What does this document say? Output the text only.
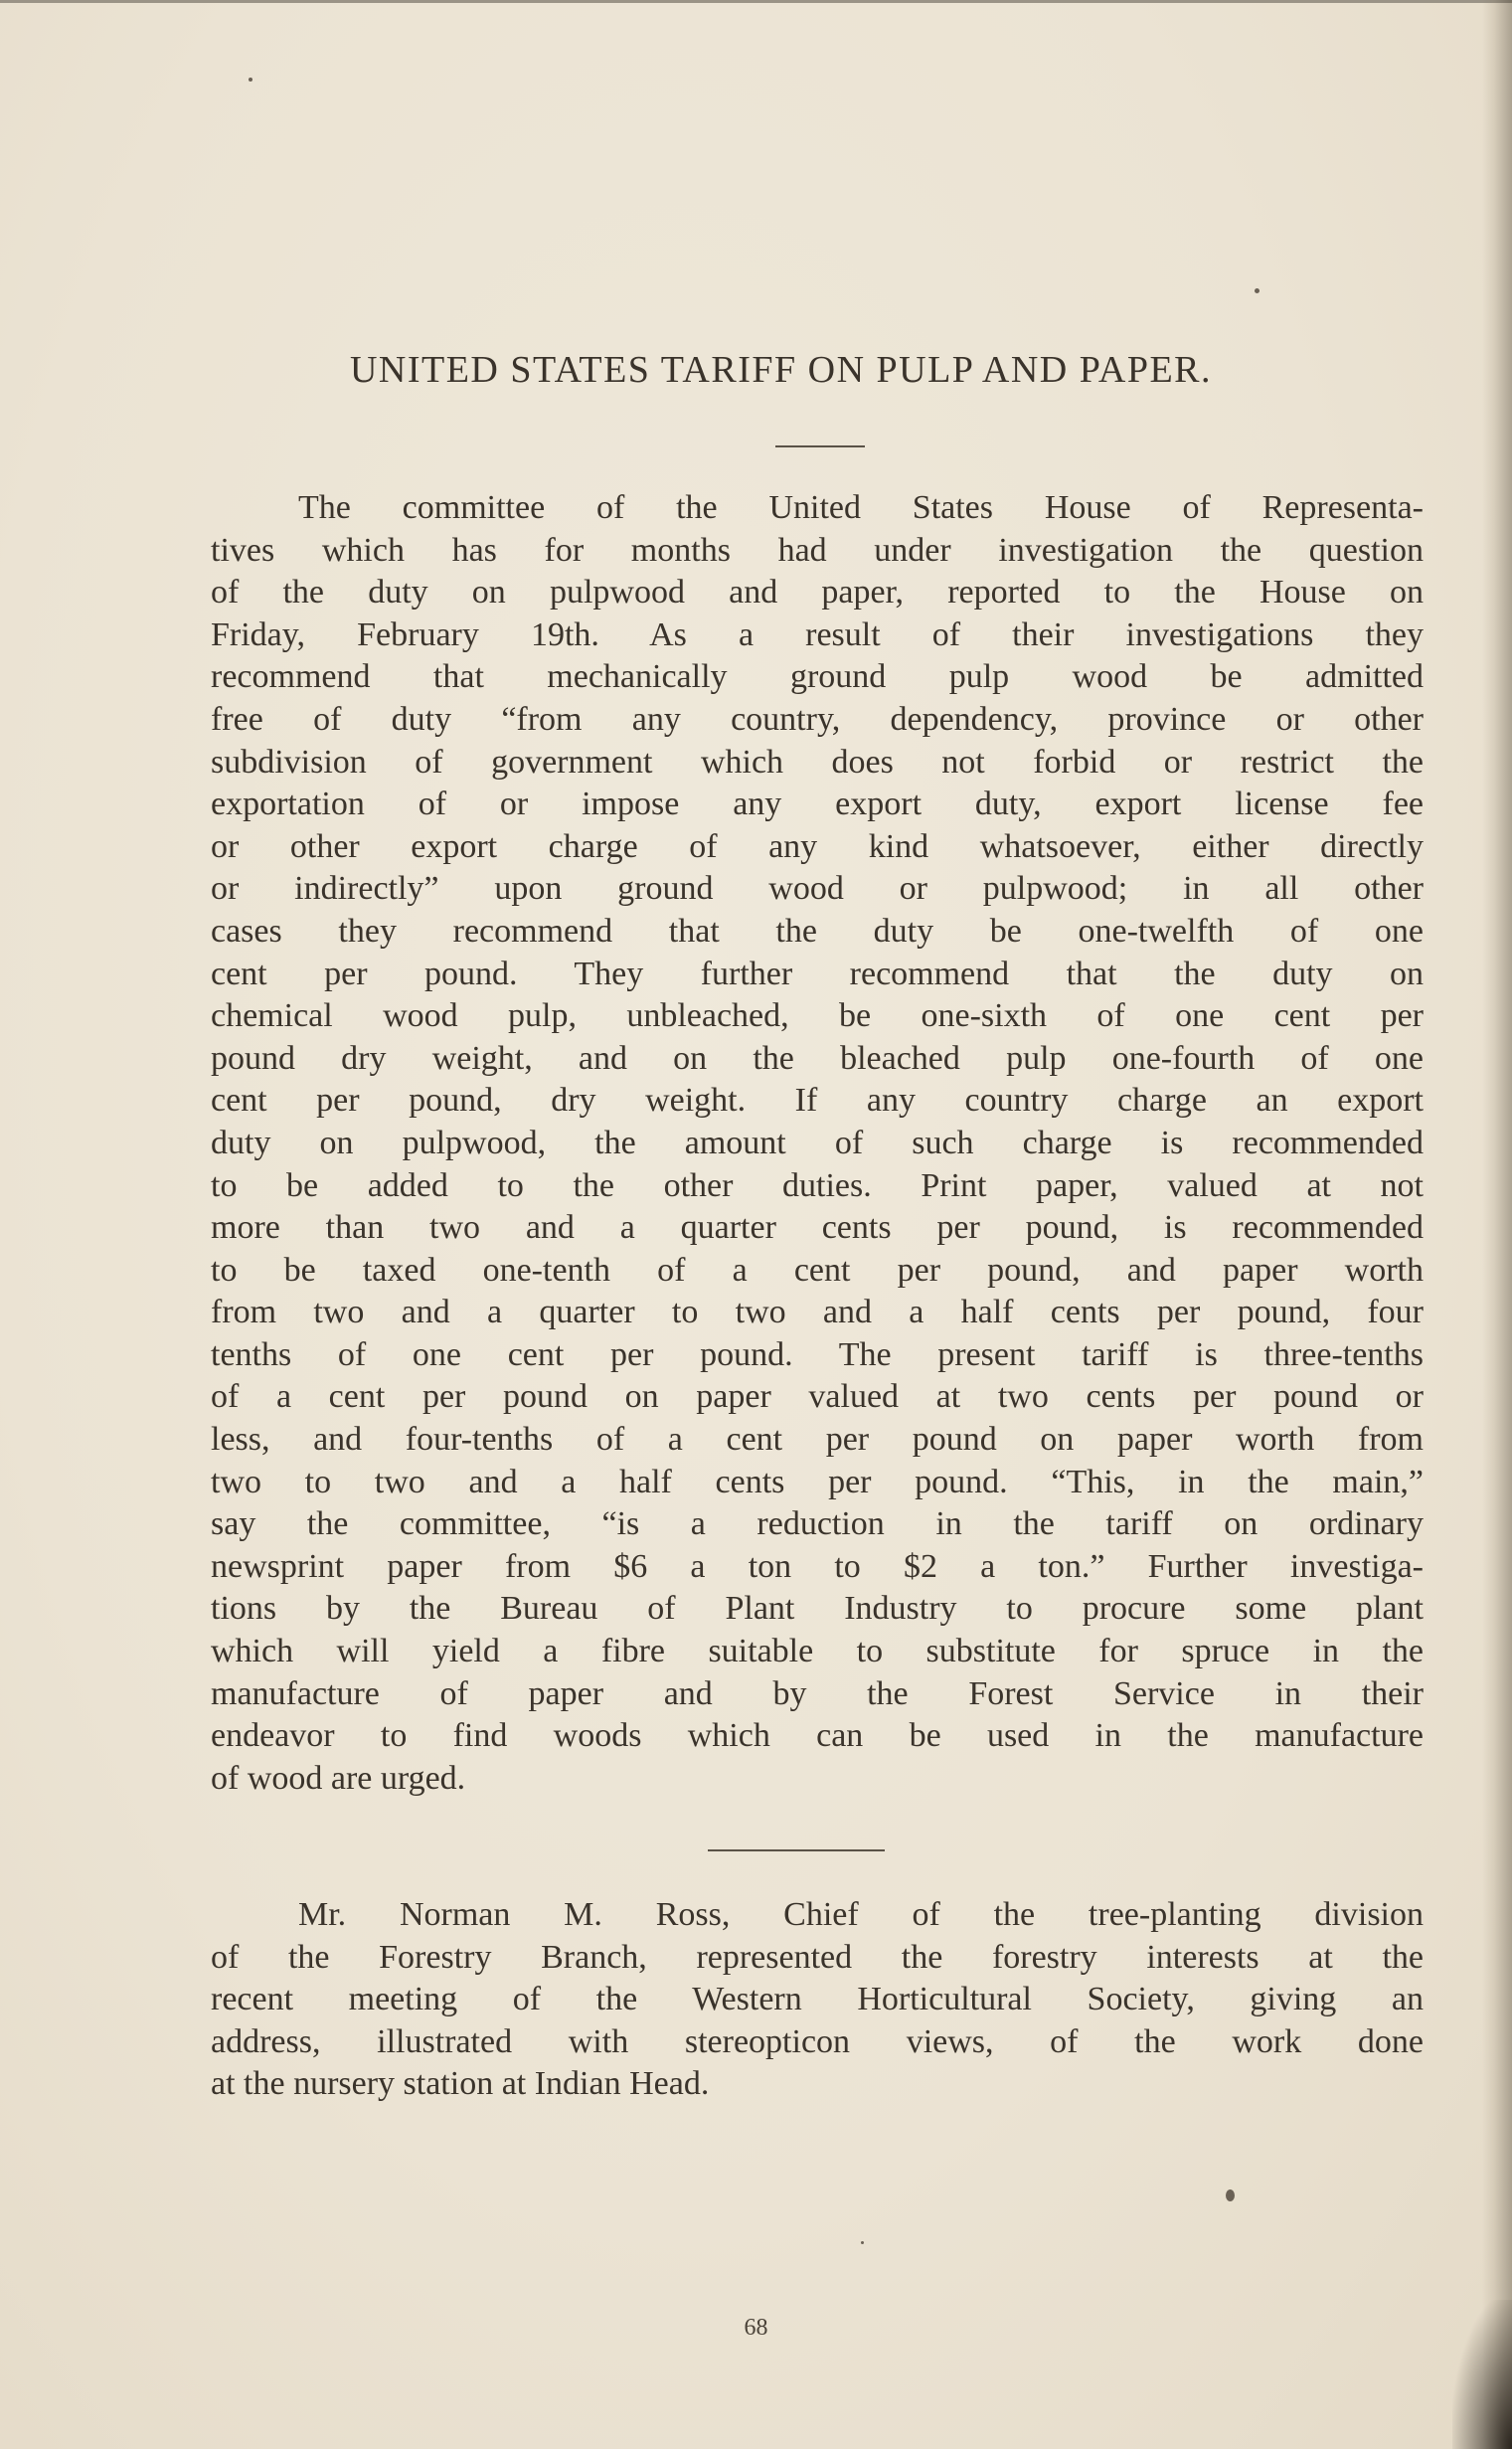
UNITED STATES TARIFF ON PULP AND PAPER.
The committee of the United States House of Representa-
tives which has for months had under investigation the question
of the duty on pulpwood and paper, reported to the House on
Friday, February 19th. As a result of their investigations they
recommend that mechanically ground pulp wood be admitted
free of duty “from any country, dependency, province or other
subdivision of government which does not forbid or restrict the
exportation of or impose any export duty, export license fee
or other export charge of any kind whatsoever, either directly
or indirectly” upon ground wood or pulpwood; in all other
cases they recommend that the duty be one-twelfth of one
cent per pound. They further recommend that the duty on
chemical wood pulp, unbleached, be one-sixth of one cent per
pound dry weight, and on the bleached pulp one-fourth of one
cent per pound, dry weight. If any country charge an export
duty on pulpwood, the amount of such charge is recommended
to be added to the other duties. Print paper, valued at not
more than two and a quarter cents per pound, is recommended
to be taxed one-tenth of a cent per pound, and paper worth
from two and a quarter to two and a half cents per pound, four
tenths of one cent per pound. The present tariff is three-tenths
of a cent per pound on paper valued at two cents per pound or
less, and four-tenths of a cent per pound on paper worth from
two to two and a half cents per pound. “This, in the main,”
say the committee, “is a reduction in the tariff on ordinary
newsprint paper from $6 a ton to $2 a ton.” Further investiga-
tions by the Bureau of Plant Industry to procure some plant
which will yield a fibre suitable to substitute for spruce in the
manufacture of paper and by the Forest Service in their
endeavor to find woods which can be used in the manufacture
of wood are urged.
Mr. Norman M. Ross, Chief of the tree-planting division
of the Forestry Branch, represented the forestry interests at the
recent meeting of the Western Horticultural Society, giving an
address, illustrated with stereopticon views, of the work done
at the nursery station at Indian Head.
68
